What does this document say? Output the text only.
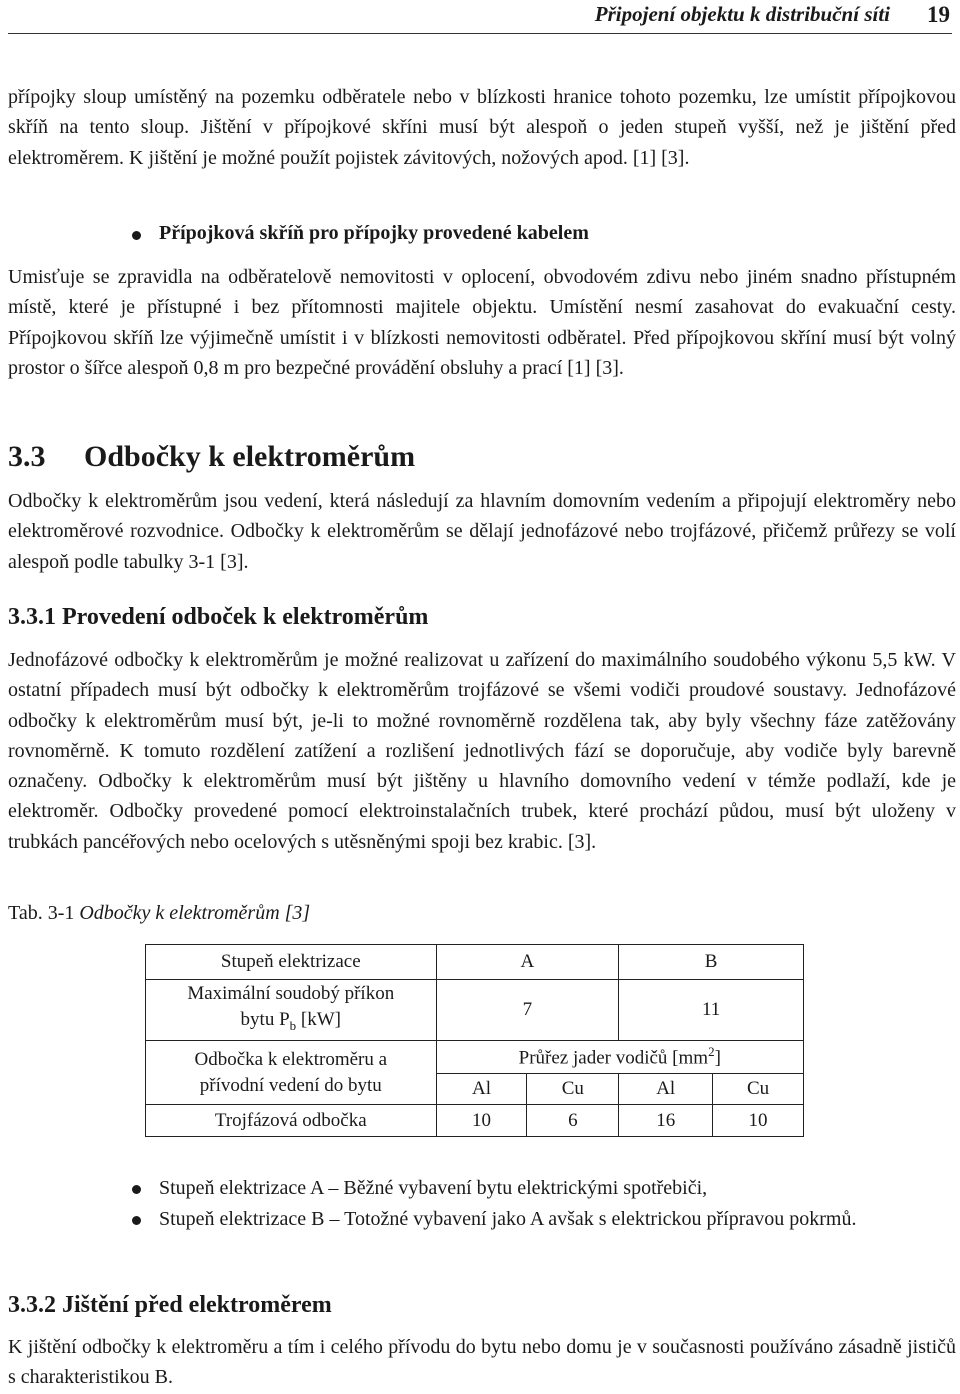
Připojení objektu k distribuční síti 19

přípojky sloup umístěný na pozemku odběratele nebo v blízkosti hranice tohoto pozemku, lze umístit přípojkovou skříň na tento sloup. Jištění v přípojkové skříni musí být alespoň o jeden stupeň vyšší, než je jištění před elektroměrem. K jištění je možné použít pojistek závitových, nožových apod. [1] [3].

Přípojková skříň pro přípojky provedené kabelem

Umisťuje se zpravidla na odběratelově nemovitosti v oplocení, obvodovém zdivu nebo jiném snadno přístupném místě, které je přístupné i bez přítomnosti majitele objektu. Umístění nesmí zasahovat do evakuační cesty. Přípojkovou skříň lze výjimečně umístit i v blízkosti nemovitosti odběratel. Před přípojkovou skříní musí být volný prostor o šířce alespoň 0,8 m pro bezpečné provádění obsluhy a prací [1] [3].

3.3 Odbočky k elektroměrům

Odbočky k elektroměrům jsou vedení, která následují za hlavním domovním vedením a připojují elektroměry nebo elektroměrové rozvodnice. Odbočky k elektroměrům se dělají jednofázové nebo trojfázové, přičemž průřezy se volí alespoň podle tabulky 3-1 [3].

3.3.1 Provedení odboček k elektroměrům

Jednofázové odbočky k elektroměrům je možné realizovat u zařízení do maximálního soudobého výkonu 5,5 kW. V ostatní případech musí být odbočky k elektroměrům trojfázové se všemi vodiči proudové soustavy. Jednofázové odbočky k elektroměrům musí být, je-li to možné rovnoměrně rozdělena tak, aby byly všechny fáze zatěžovány rovnoměrně. K tomuto rozdělení zatížení a rozlišení jednotlivých fází se doporučuje, aby vodiče byly barevně označeny. Odbočky k elektroměrům musí být jištěny u hlavního domovního vedení v témže podlaží, kde je elektroměr. Odbočky provedené pomocí elektroinstalačních trubek, které prochází půdou, musí být uloženy v trubkách pancéřových nebo ocelových s utěsněnými spoji bez krabic. [3].

Tab. 3-1 Odbočky k elektroměrům [3]
Stupeň elektrizace	A		B	
Maximální soudobý příkon
bytu $P_b$ [kW]	7		11	
Odbočka k elektroměru a
přívodní vedení do bytu	Průřez jader vodičů $[mm^2]$			
	Al	Cu	Al	Cu
Trojfázová odbočka	10	6	16	10

Stupeň elektrizace A – Běžné vybavení bytu elektrickými spotřebiči,

Stupeň elektrizace B – Totožné vybavení jako A avšak s elektrickou přípravou pokrmů.

3.3.2 Jištění před elektroměrem

K jištění odbočky k elektroměru a tím i celého přívodu do bytu nebo domu je v současnosti používáno zásadně jističů s charakteristikou B.
